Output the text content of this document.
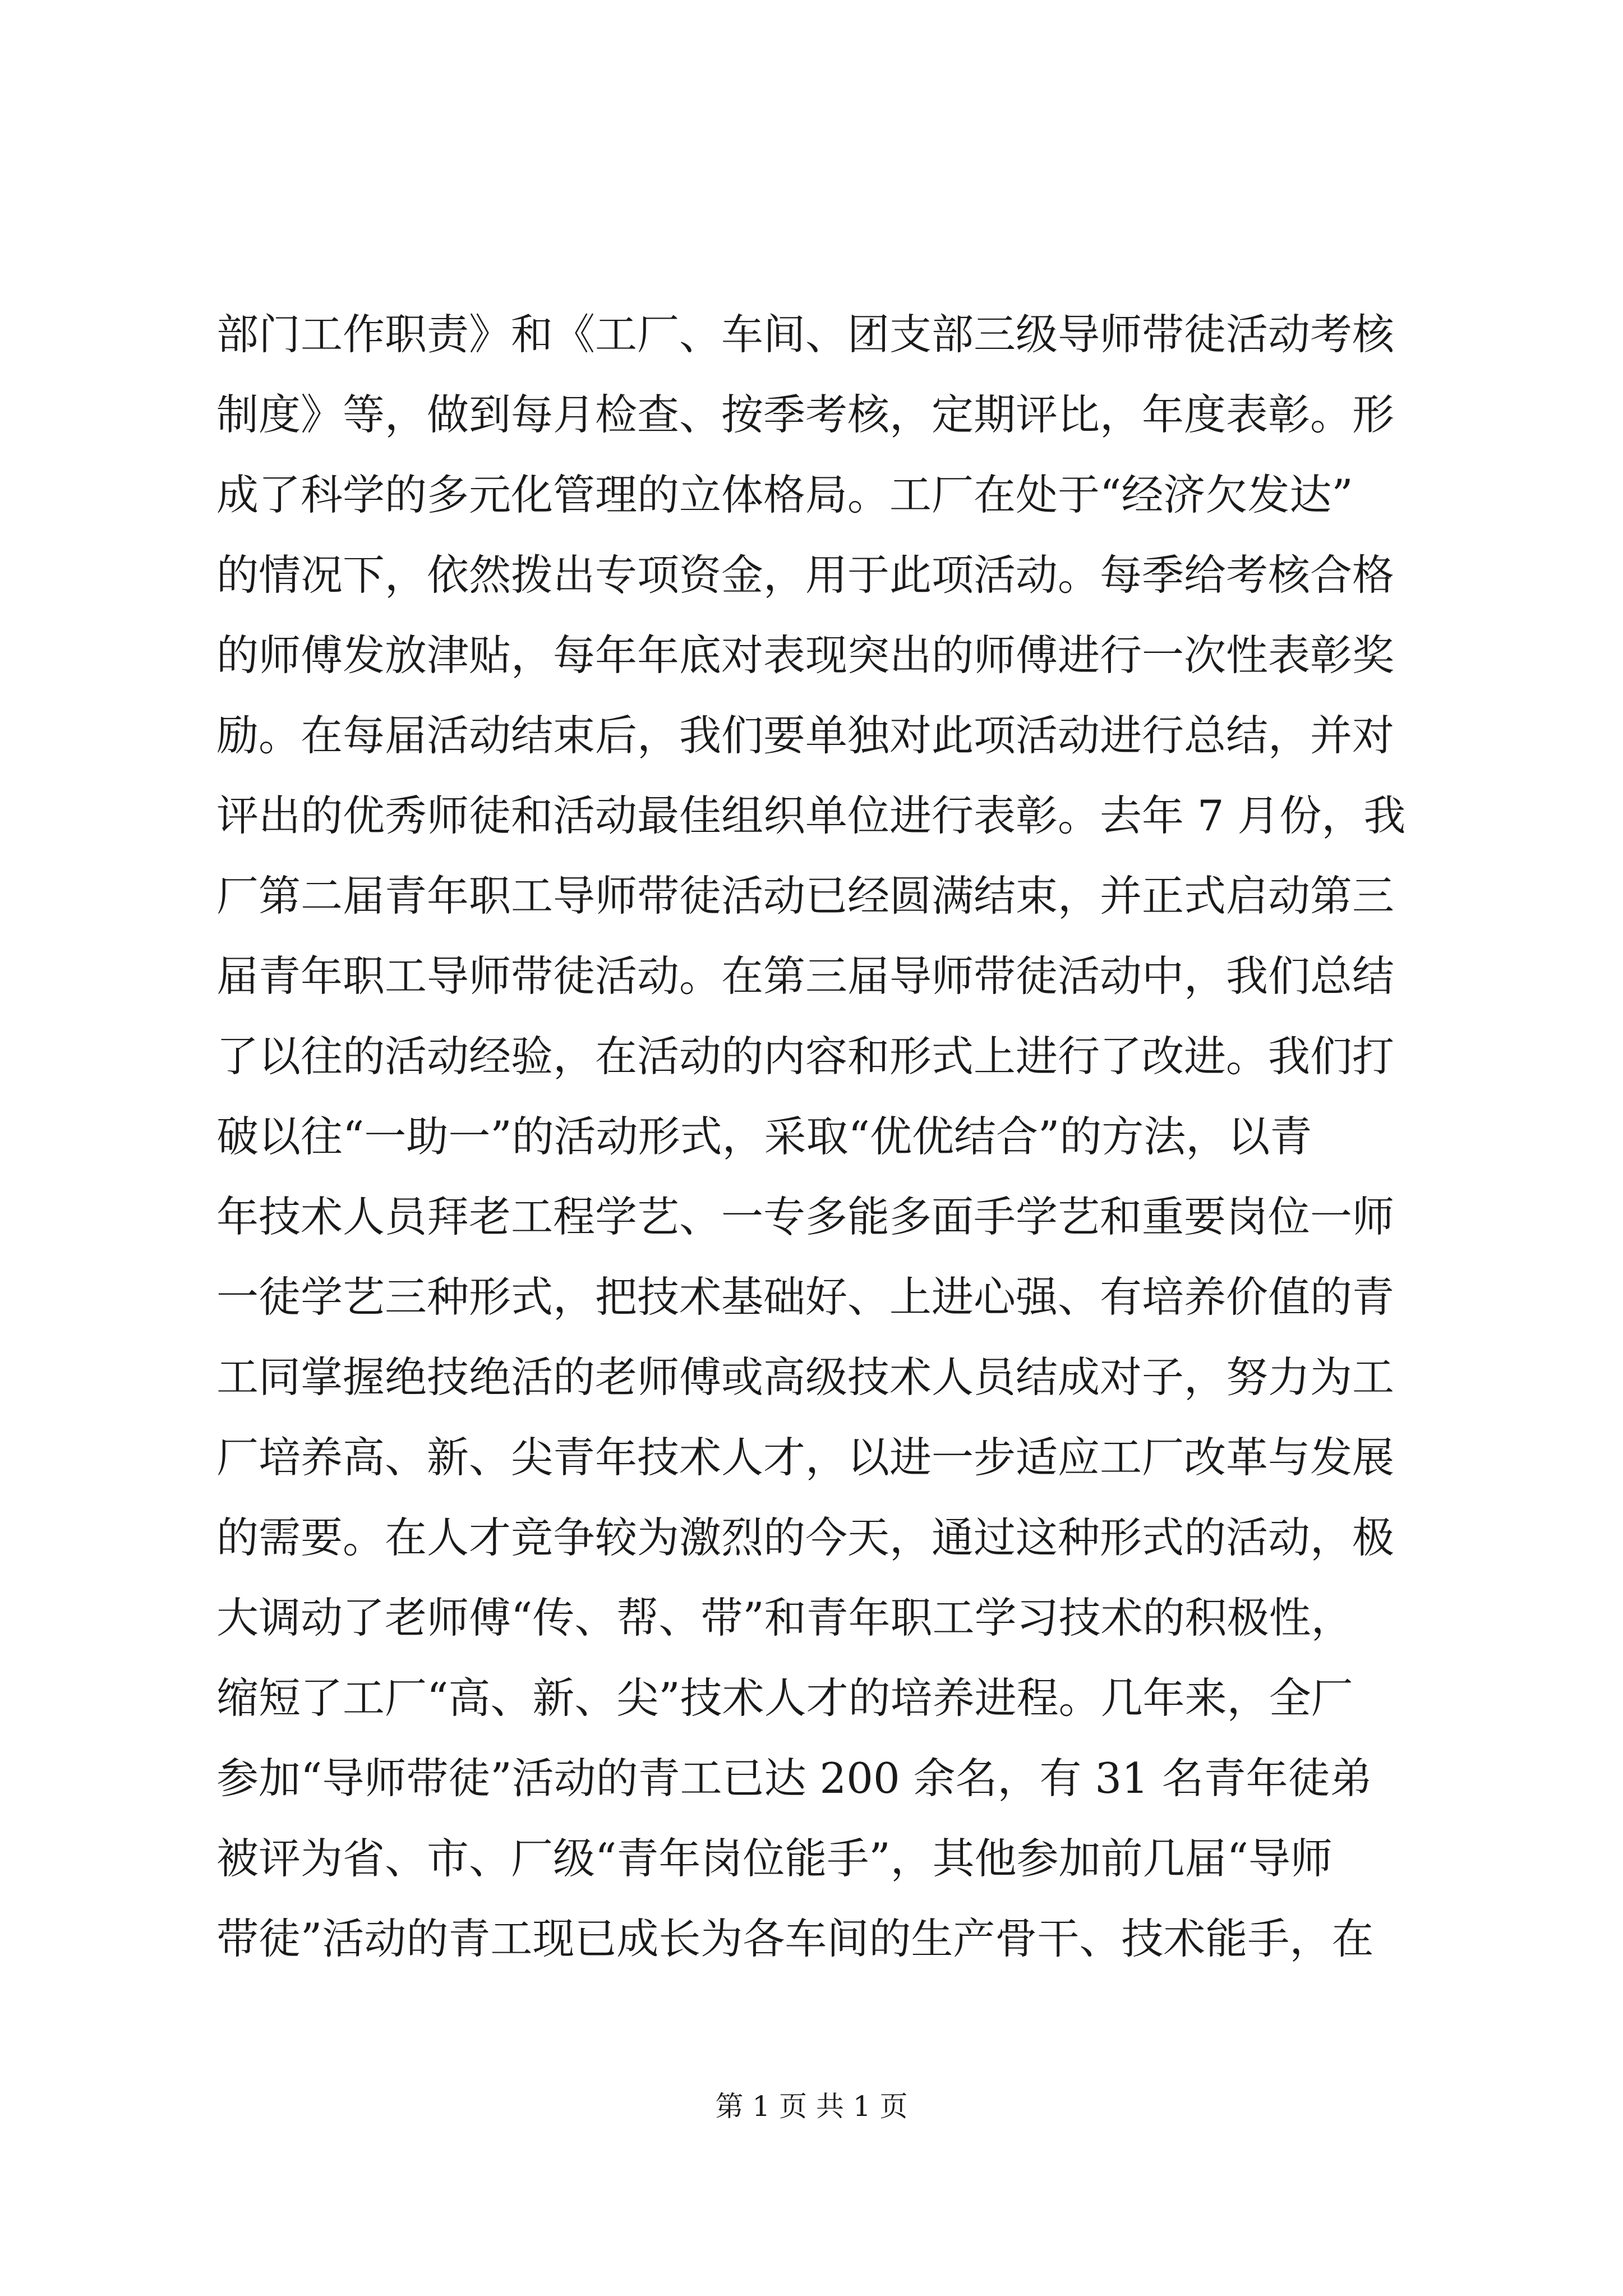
部门工作职责》和《工厂、车间、团支部三级导师带徒活动考核
制度》等，做到每月检查、按季考核，定期评比，年度表彰。形
成了科学的多元化管理的立体格局。工厂在处于“经济欠发达”
的情况下，依然拨出专项资金，用于此项活动。每季给考核合格
的师傅发放津贴，每年年底对表现突出的师傅进行一次性表彰奖
励。在每届活动结束后，我们要单独对此项活动进行总结，并对
评出的优秀师徒和活动最佳组织单位进行表彰。去年 7 月份，我
厂第二届青年职工导师带徒活动已经圆满结束，并正式启动第三
届青年职工导师带徒活动。在第三届导师带徒活动中，我们总结
了以往的活动经验，在活动的内容和形式上进行了改进。我们打
破以往“一助一”的活动形式，采取“优优结合”的方法，以青
年技术人员拜老工程学艺、一专多能多面手学艺和重要岗位一师
一徒学艺三种形式，把技术基础好、上进心强、有培养价值的青
工同掌握绝技绝活的老师傅或高级技术人员结成对子，努力为工
厂培养高、新、尖青年技术人才，以进一步适应工厂改革与发展
的需要。在人才竞争较为激烈的今天，通过这种形式的活动，极
大调动了老师傅“传、帮、带”和青年职工学习技术的积极性，
缩短了工厂“高、新、尖”技术人才的培养进程。几年来，全厂
参加“导师带徒”活动的青工已达 200 余名，有 31 名青年徒弟
被评为省、市、厂级“青年岗位能手”，其他参加前几届“导师
带徒”活动的青工现已成长为各车间的生产骨干、技术能手，在
第 1 页 共 1 页
